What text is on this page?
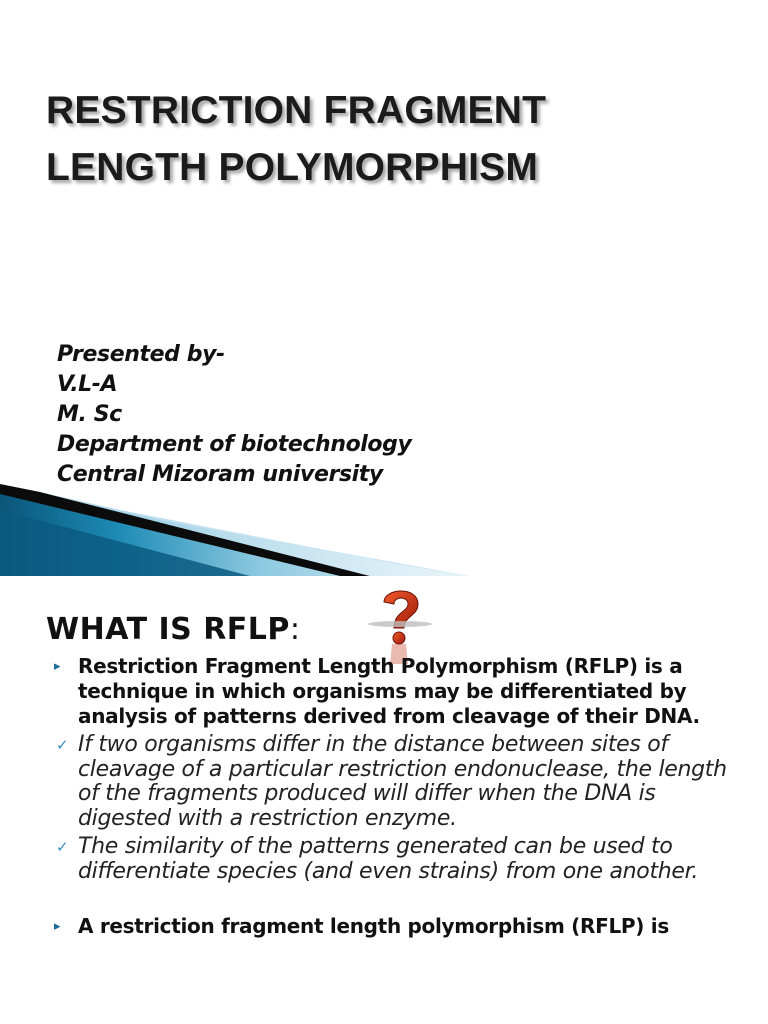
RESTRICTION FRAGMENT
LENGTH POLYMORPHISM
Presented by-
V.L-A
M. Sc
Department of biotechnology
Central Mizoram university
WHAT IS RFLP:
▸ Restriction Fragment Length Polymorphism (RFLP) is a technique in which organisms may be differentiated by analysis of patterns derived from cleavage of their DNA.
✓ If two organisms differ in the distance between sites of cleavage of a particular restriction endonuclease, the length of the fragments produced will differ when the DNA is digested with a restriction enzyme.
✓ The similarity of the patterns generated can be used to differentiate species (and even strains) from one another.
▸ A restriction fragment length polymorphism (RFLP) is
